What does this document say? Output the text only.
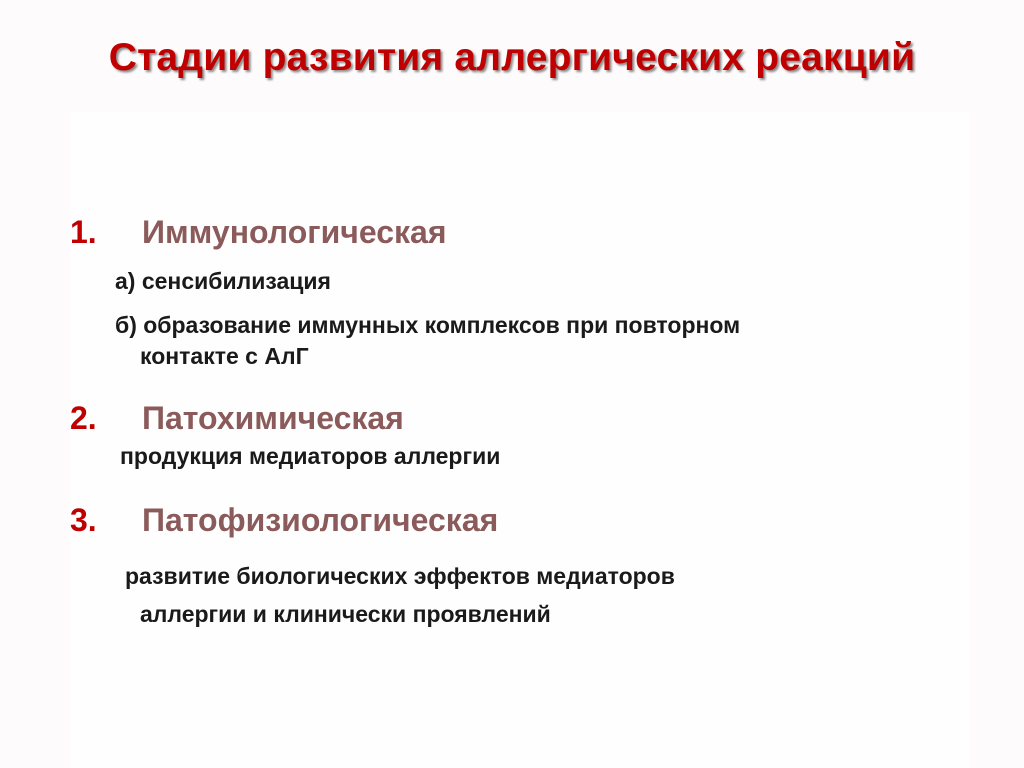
Стадии развития аллергических реакций
1. Иммунологическая
а) сенсибилизация
б) образование иммунных комплексов при повторном
контакте с АлГ
2. Патохимическая
продукция медиаторов аллергии
3. Патофизиологическая
развитие биологических эффектов медиаторов
аллергии и клинически проявлений
